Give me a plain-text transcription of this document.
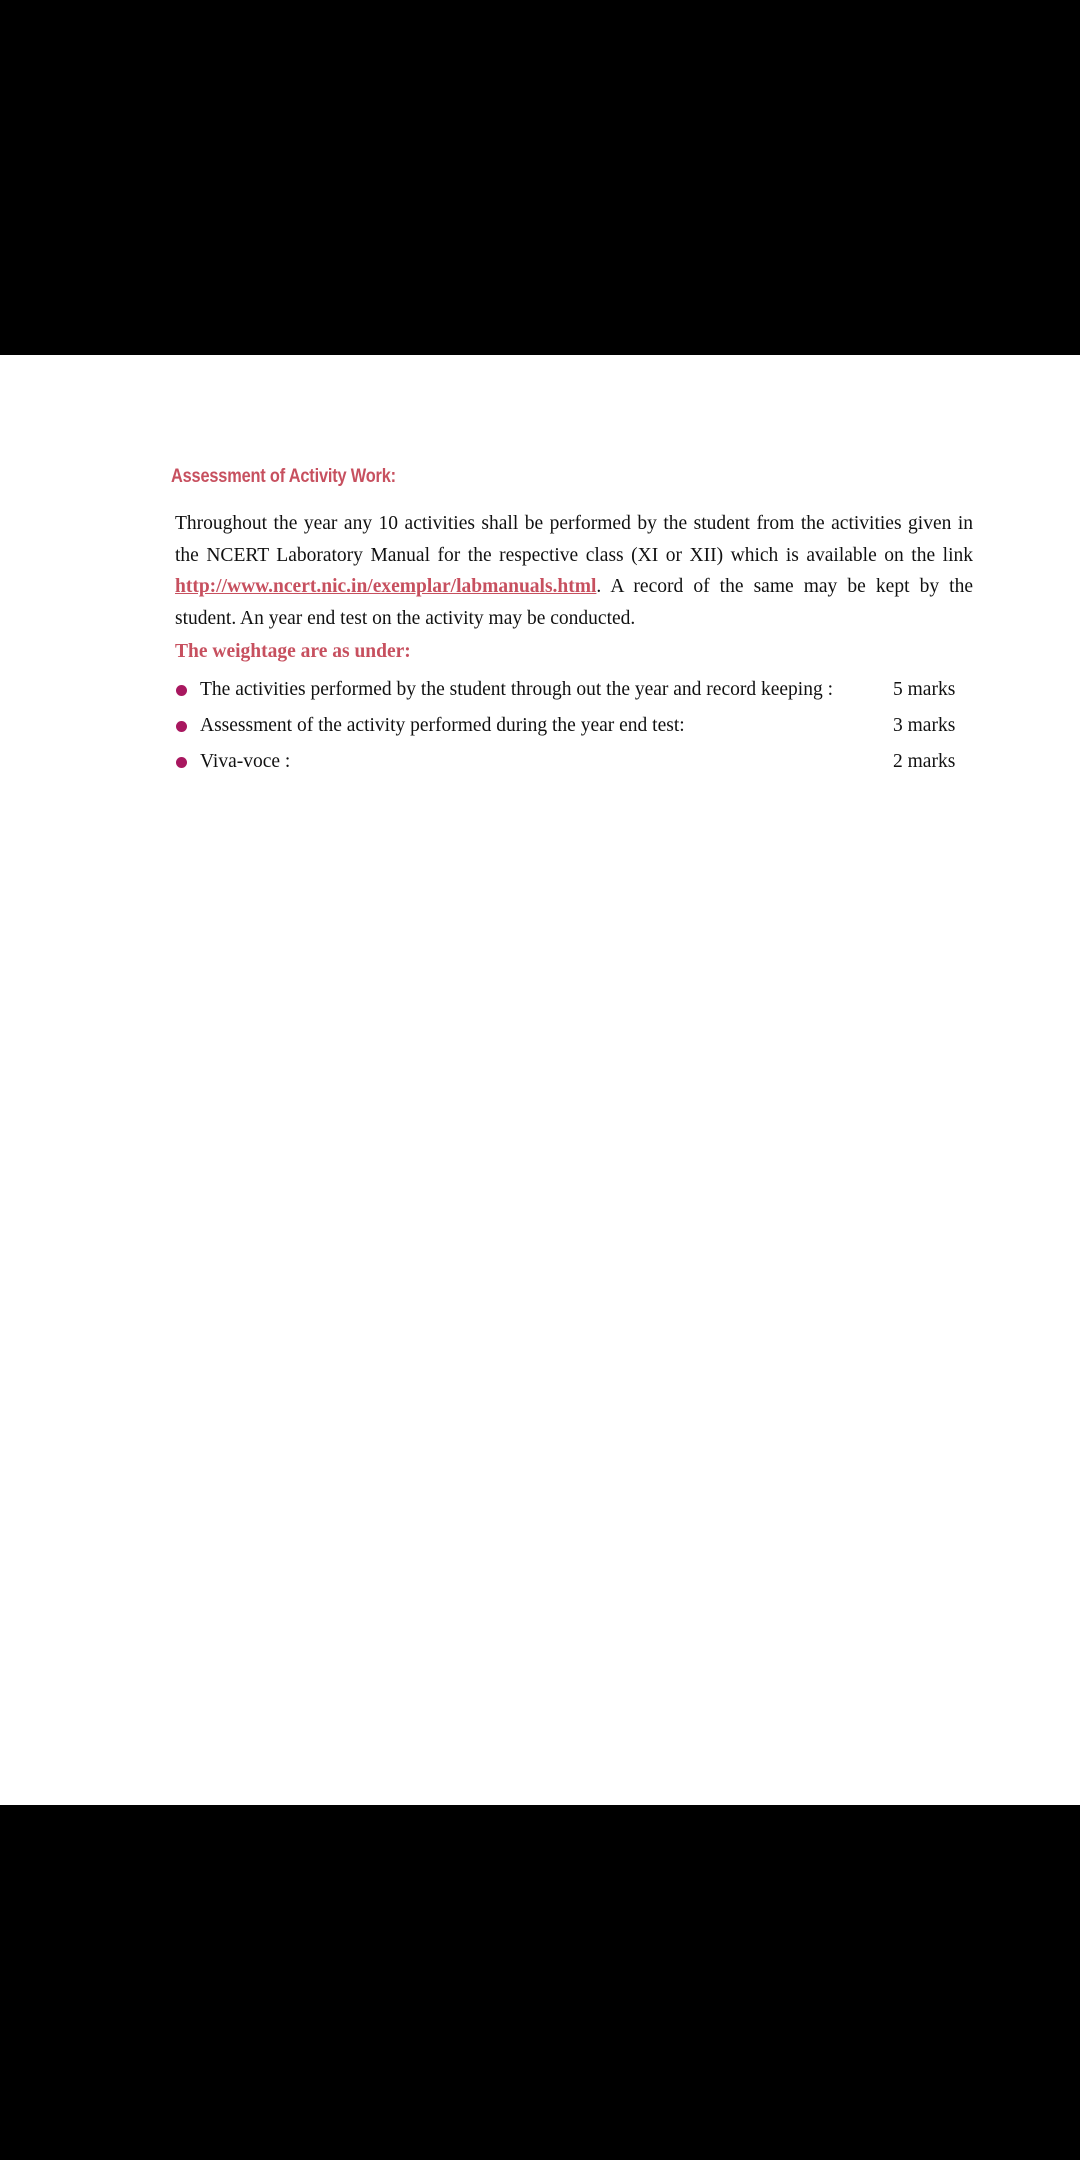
Assessment of Activity Work:
Throughout the year any 10 activities shall be performed by the student from the activities given in the NCERT Laboratory Manual for the respective class (XI or XII) which is available on the link http://www.ncert.nic.in/exemplar/labmanuals.html. A record of the same may be kept by the student. An year end test on the activity may be conducted.
The weightage are as under:
The activities performed by the student through out the year and record keeping :	5 marks
Assessment of the activity performed during the year end test:	3 marks
Viva-voce :	2 marks
